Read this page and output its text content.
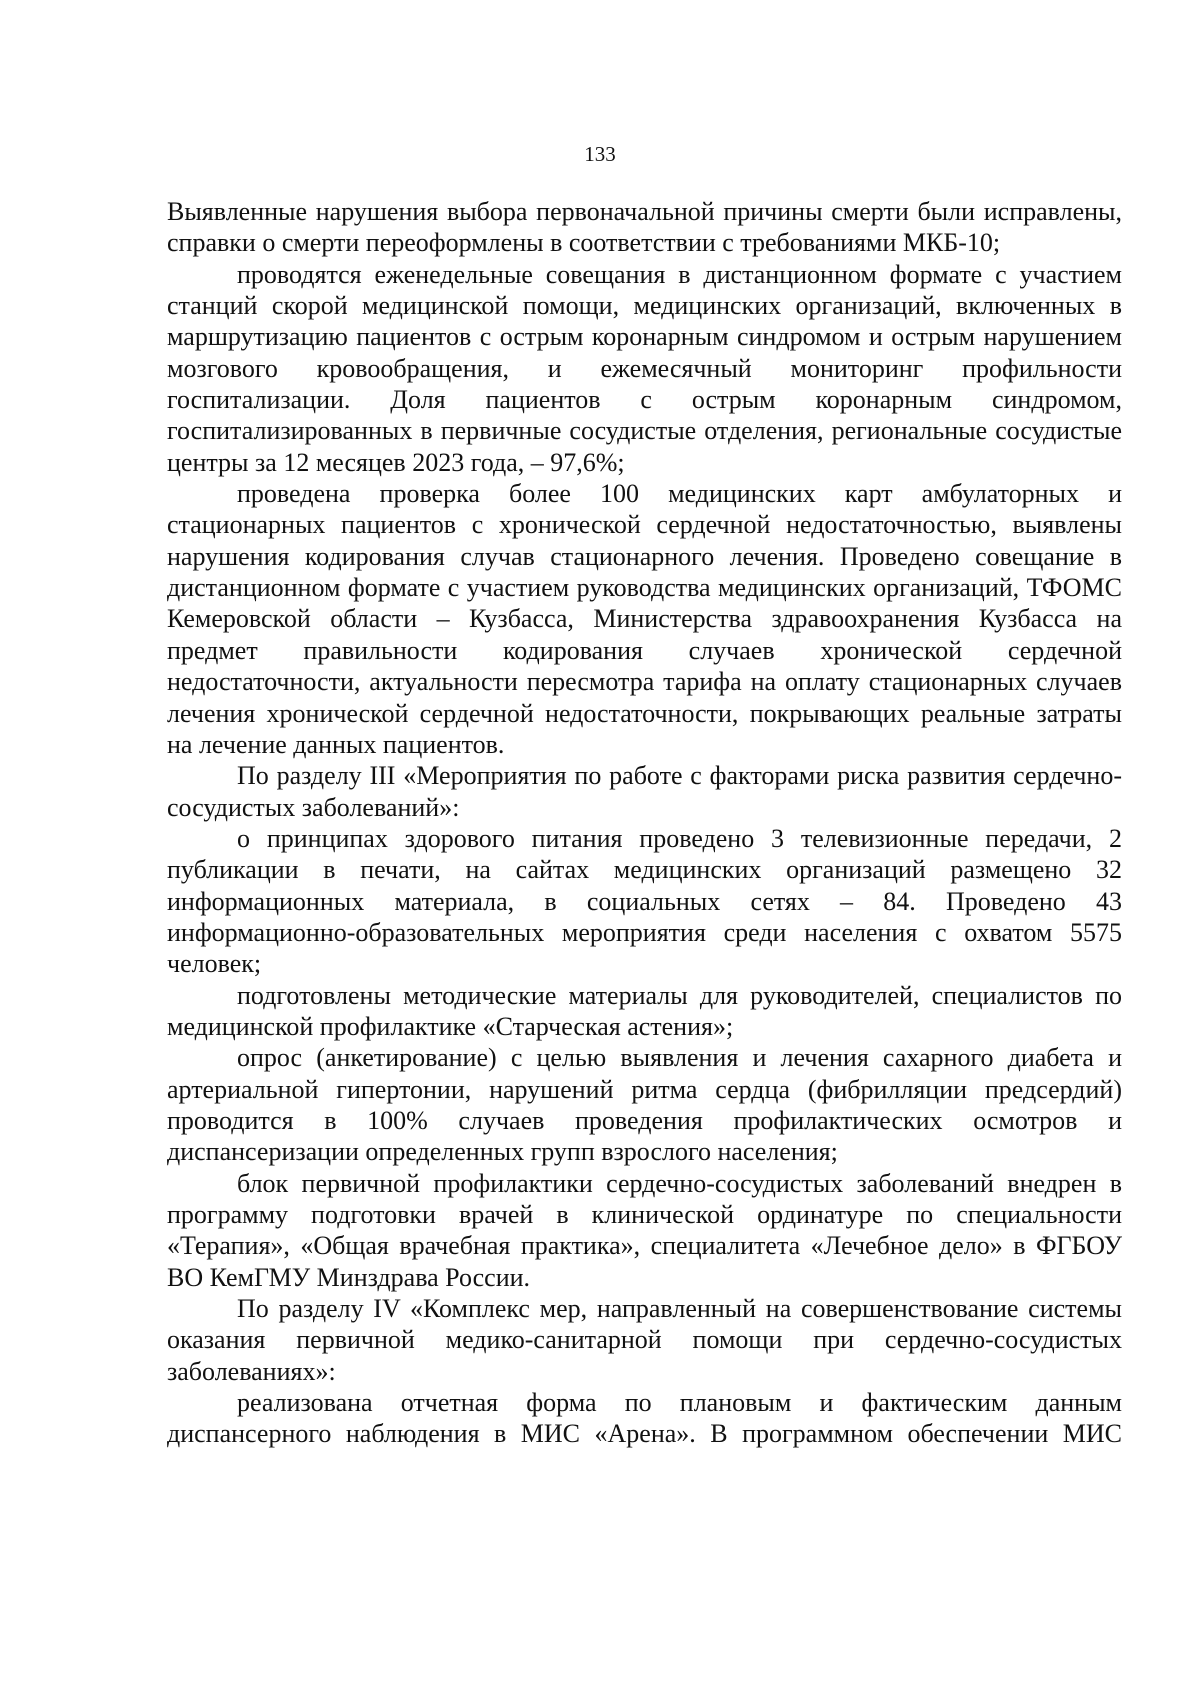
133

Выявленные нарушения выбора первоначальной причины смерти были исправлены, справки о смерти переоформлены в соответствии с требованиями МКБ-10;

проводятся еженедельные совещания в дистанционном формате с участием станций скорой медицинской помощи, медицинских организаций, включенных в маршрутизацию пациентов с острым коронарным синдромом и острым нарушением мозгового кровообращения, и ежемесячный мониторинг профильности госпитализации. Доля пациентов с острым коронарным синдромом, госпитализированных в первичные сосудистые отделения, региональные сосудистые центры за 12 месяцев 2023 года, – 97,6%;

проведена проверка более 100 медицинских карт амбулаторных и стационарных пациентов с хронической сердечной недостаточностью, выявлены нарушения кодирования случав стационарного лечения. Проведено совещание в дистанционном формате с участием руководства медицинских организаций, ТФОМС Кемеровской области – Кузбасса, Министерства здравоохранения Кузбасса на предмет правильности кодирования случаев хронической сердечной недостаточности, актуальности пересмотра тарифа на оплату стационарных случаев лечения хронической сердечной недостаточности, покрывающих реальные затраты на лечение данных пациентов.

По разделу III «Мероприятия по работе с факторами риска развития сердечно-сосудистых заболеваний»:

о принципах здорового питания проведено 3 телевизионные передачи, 2 публикации в печати, на сайтах медицинских организаций размещено 32 информационных материала, в социальных сетях – 84. Проведено 43 информационно-образовательных мероприятия среди населения с охватом 5575 человек;

подготовлены методические материалы для руководителей, специалистов по медицинской профилактике «Старческая астения»;

опрос (анкетирование) с целью выявления и лечения сахарного диабета и артериальной гипертонии, нарушений ритма сердца (фибрилляции предсердий) проводится в 100% случаев проведения профилактических осмотров и диспансеризации определенных групп взрослого населения;

блок первичной профилактики сердечно-сосудистых заболеваний внедрен в программу подготовки врачей в клинической ординатуре по специальности «Терапия», «Общая врачебная практика», специалитета «Лечебное дело» в ФГБОУ ВО КемГМУ Минздрава России.

По разделу IV «Комплекс мер, направленный на совершенствование системы оказания первичной медико-санитарной помощи при сердечно-сосудистых заболеваниях»:

реализована отчетная форма по плановым и фактическим данным диспансерного наблюдения в МИС «Арена». В программном обеспечении МИС
